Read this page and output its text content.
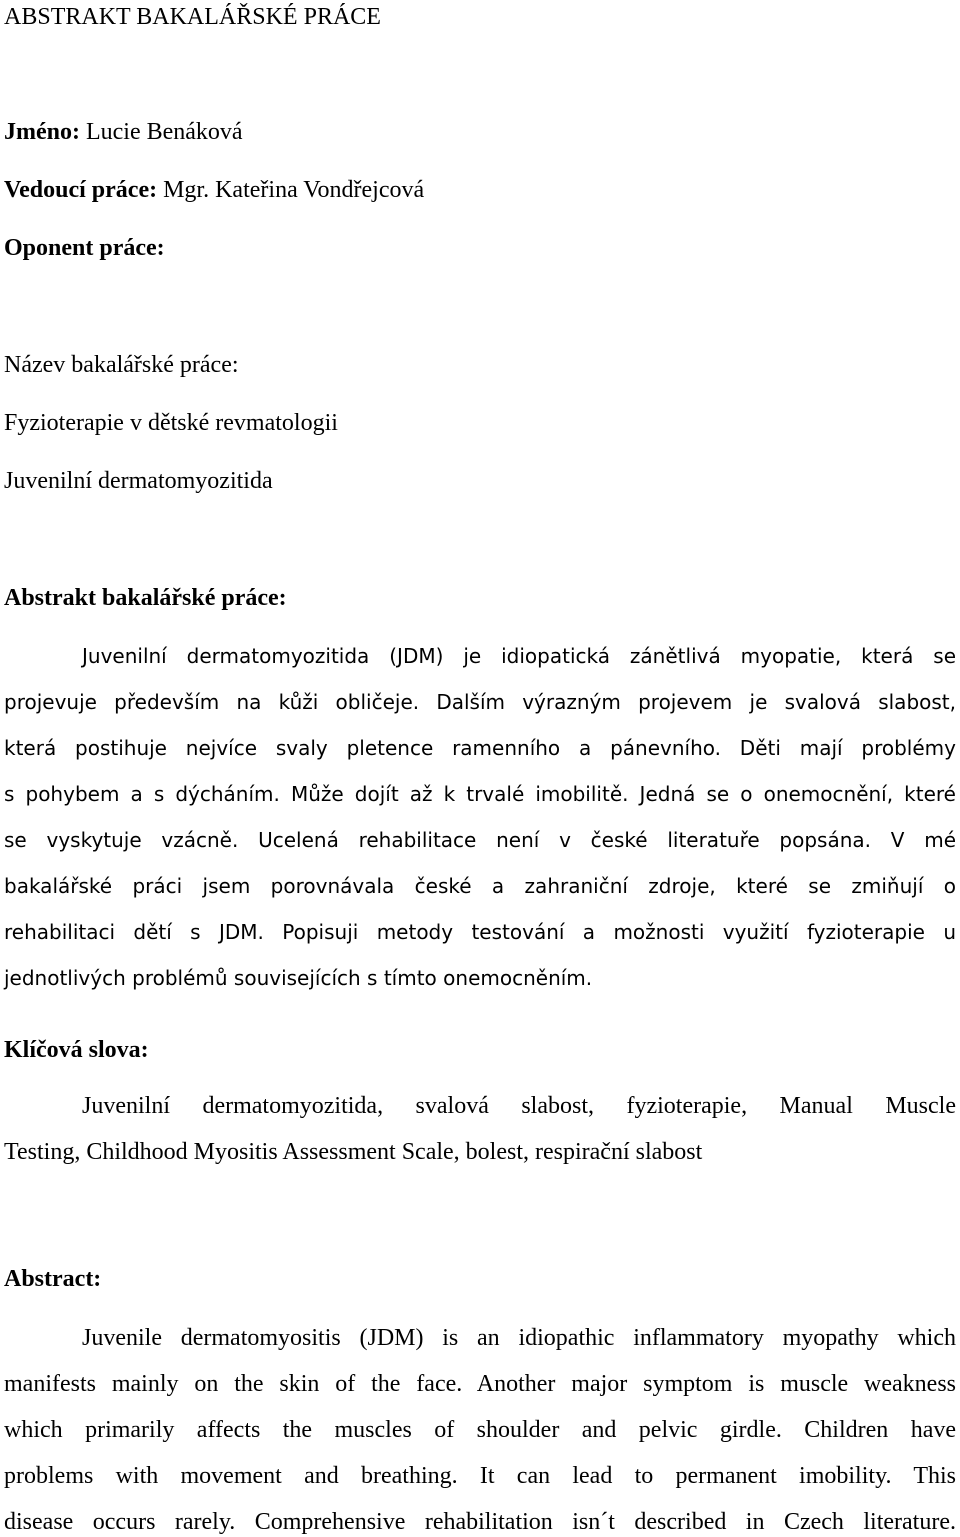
ABSTRAKT BAKALÁŘSKÉ PRÁCE
Jméno: Lucie Benáková
Vedoucí práce: Mgr. Kateřina Vondřejcová
Oponent práce:
Název bakalářské práce:
Fyzioterapie v dětské revmatologii
Juvenilní dermatomyozitida
Abstrakt bakalářské práce:
Juvenilní dermatomyozitida (JDM) je idiopatická zánětlivá myopatie, která se
projevuje především na kůži obličeje. Dalším výrazným projevem je svalová slabost,
která postihuje nejvíce svaly pletence ramenního a pánevního. Děti mají problémy
s pohybem a s dýcháním. Může dojít až k trvalé imobilitě. Jedná se o onemocnění, které
se vyskytuje vzácně. Ucelená rehabilitace není v české literatuře popsána. V mé
bakalářské práci jsem porovnávala české a zahraniční zdroje, které se zmiňují o
rehabilitaci dětí s JDM. Popisuji metody testování a možnosti využití fyzioterapie u
jednotlivých problémů souvisejících s tímto onemocněním.
Klíčová slova:
Juvenilní dermatomyozitida, svalová slabost, fyzioterapie, Manual Muscle
Testing, Childhood Myositis Assessment Scale, bolest, respirační slabost
Abstract:
Juvenile dermatomyositis (JDM) is an idiopathic inflammatory myopathy which
manifests mainly on the skin of the face. Another major symptom is muscle weakness
which primarily affects the muscles of shoulder and pelvic girdle. Children have
problems with movement and breathing. It can lead to permanent imobility. This
disease occurs rarely. Comprehensive rehabilitation isn´t described in Czech literature.
